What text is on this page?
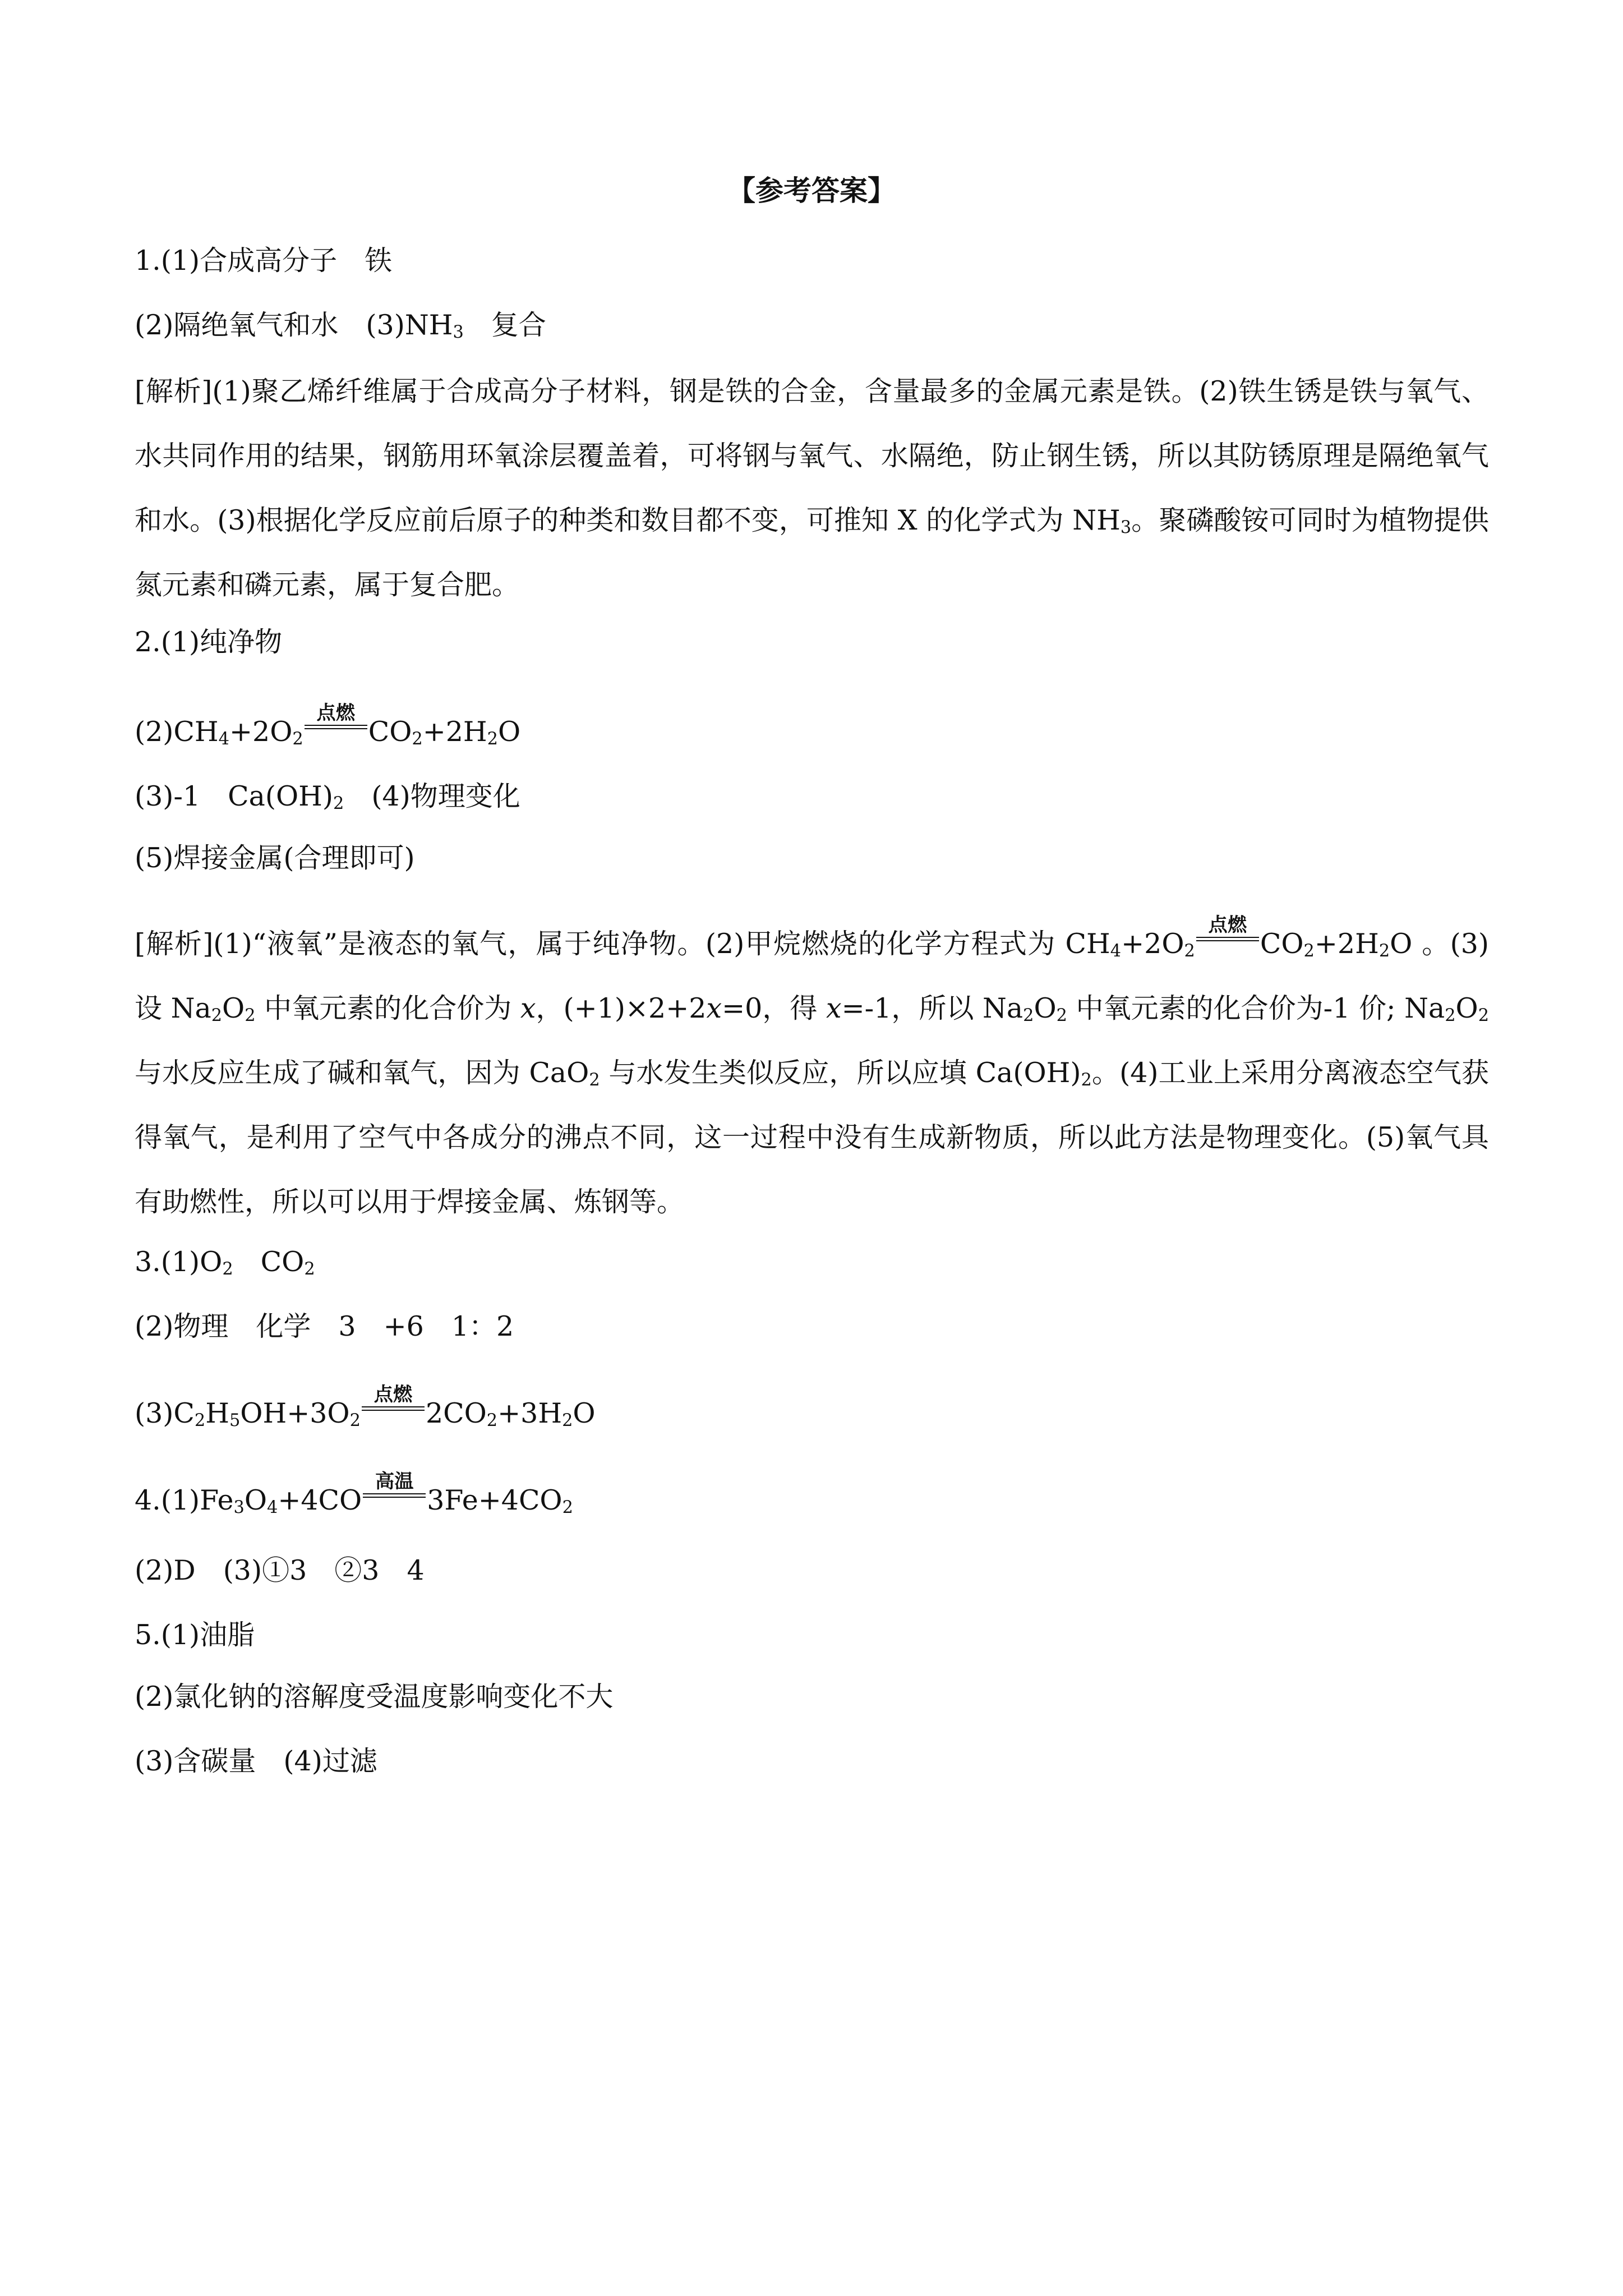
【参考答案】
1.(1)合成高分子　铁
(2)隔绝氧气和水　$(3)NH_3$　复合
[解析](1)聚乙烯纤维属于合成高分子材料，钢是铁的合金，含量最多的金属元素是铁。(2)铁生锈是铁与氧气、水共同作用的结果，钢筋用环氧涂层覆盖着，可将钢与氧气、水隔绝，防止钢生锈，所以其防锈原理是隔绝氧气和水。(3)根据化学反应前后原子的种类和数目都不变，可推知 X 的化学式为 $NH_3$。聚磷酸铵可同时为植物提供氮元素和磷元素，属于复合肥。
2.(1)纯净物
$(2)CH_4+2O_2$
点燃
$CO_2+2H_2O$
(3)-1　$Ca(OH)_2$　(4)物理变化
(5)焊接金属(合理即可)
[解析](1)“液氧”是液态的氧气，属于纯净物。(2)甲烷燃烧的化学方程式为 $CH_4+2O_2$
点燃
$CO_2+2H_2O$ 。(3)设 $Na_2O_2$ 中氧元素的化合价为 x，(+1)×2+2x=0，得 x=-1，所以 $Na_2O_2$ 中氧元素的化合价为-1 价; $Na_2O_2$ 与水反应生成了碱和氧气，因为 CaO$_2$ 与水发生类似反应，所以应填 $Ca(OH)_2$。(4)工业上采用分离液态空气获得氧气，是利用了空气中各成分的沸点不同，这一过程中没有生成新物质，所以此方法是物理变化。(5)氧气具有助燃性，所以可以用于焊接金属、炼钢等。
$3.(1)O_2$　$CO_2$
(2)物理　化学　3　+6　1：2
$(3)C_2H_5OH+3O_2$
点燃
$2CO_2+3H_2O$
$4.(1)Fe_3O_4+4CO$
高温
$3Fe+4CO_2$
(2)D　(3)①3　②3　4
5.(1)油脂
(2)氯化钠的溶解度受温度影响变化不大
(3)含碳量　(4)过滤
